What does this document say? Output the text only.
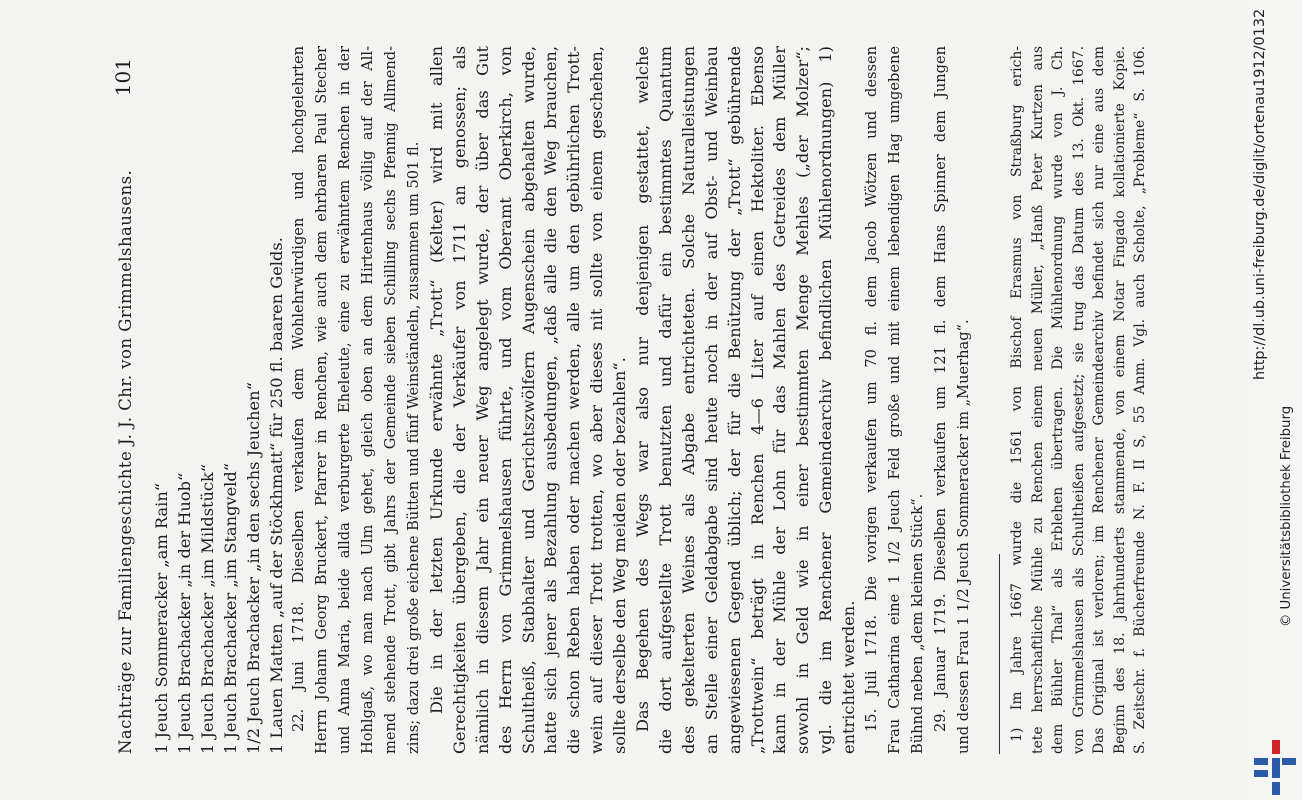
Nachträge zur Familiengeschichte J. J. Chr. von Grimmelshausens.
101
1 Jeuch Sommeracker „am Rain“ 1 Jeuch Brachacker „in der Huob“ 1 Jeuch Brachacker „im Mildstück“ 1 Jeuch Brachacker „im Stangveld“ 1/2 Jeuch Brachacker „in den sechs Jeuchen“ 1 Lauen Matten „auf der Stöckhmatt“ für 250 fl. baaren Gelds. 22. Juni 1718. Dieselben verkaufen dem Wohlehrwürdigen und hochgelehrten Herrn Johann Georg Bruckert, Pfarrer in Renchen, wie auch dem ehrbaren Paul Stecher und Anna Maria, beide allda verburgerte Eheleute, eine zu erwähntem Renchen in der Hohlgaß, wo man nach Ulm gehet, gleich oben an dem Hirtenhaus völlig auf der All- mend stehende Trott, gibt Jahrs der Gemeinde sieben Schilling sechs Pfennig Allmend- zins; dazu drei große eichene Bütten und fünf Weinständeln, zusammen um 501 fl. Die in der letzten Urkunde erwähnte „Trott“ (Kelter) wird mit allen Gerechtigkeiten übergeben, die der Verkäufer von 1711 an genossen; als nämlich in diesem Jahr ein neuer Weg angelegt wurde, der über das Gut des Herrn von Grimmelshausen führte, und vom Oberamt Oberkirch, von Schultheiß, Stabhalter und Gerichtszwölfern Augenschein abgehalten wurde, hatte sich jener als Bezahlung ausbedungen, „daß alle die den Weg brauchen, die schon Reben haben oder machen werden, alle um den gebührlichen Trott- wein auf dieser Trott trotten, wo aber dieses nit sollte von einem geschehen, sollte derselbe den Weg meiden oder bezahlen“. Das Begehen des Wegs war also nur denjenigen gestattet, welche die dort aufgestellte Trott benutzten und dafür ein bestimmtes Quantum des gekelterten Weines als Abgabe entrichteten. Solche Naturalleistungen an Stelle einer Geldabgabe sind heute noch in der auf Obst- und Weinbau angewiesenen Gegend üblich; der für die Benützung der „Trott“ gebührende „Trottwein“ beträgt in Renchen 4—6 Liter auf einen Hektoliter. Ebenso kann in der Mühle der Lohn für das Mahlen des Getreides dem Müller sowohl in Geld wie in einer bestimmten Menge Mehles („der Molzer“; vgl. die im Renchener Gemeindearchiv befindlichen Mühlenordnungen) 1) entrichtet werden. 15. Juli 1718. Die vorigen verkaufen um 70 fl. dem Jacob Wötzen und dessen Frau Catharina eine 1 1/2 Jeuch Feld große und mit einem lebendigen Hag umgebene Bühnd neben „dem kleinen Stück“. 29. Januar 1719. Dieselben verkaufen um 121 fl. dem Hans Spinner dem Jungen und dessen Frau 1 1/2 Jeuch Sommeracker im „Muerhag“.	1) Im Jahre 1667 wurde die 1561 von Bischof Erasmus von Straßburg erich- tete herrschaftliche Mühle zu Renchen einem neuen Müller, „Hanß Peter Kurtzen aus dem Bühler Thal“ als Erblehen übertragen. Die Mühlenordnung wurde von J. Ch. von Grimmelshausen als Schultheißen aufgesetzt; sie trug das Datum des 13. Okt. 1667. Das Original ist verloren; im Renchener Gemeindearchiv befindet sich nur eine aus dem Beginn des 18. Jahrhunderts stammende, von einem Notar Fingado kollationierte Kopie. S. Zeitschr. f. Bücherfreunde N. F. II S, 55 Anm. Vgl. auch Scholte, „Probleme“ S. 106.	http://dl.ub.uni-freiburg.de/diglit/ortenau1912/0132
© Universitätsbibliothek Freiburg
